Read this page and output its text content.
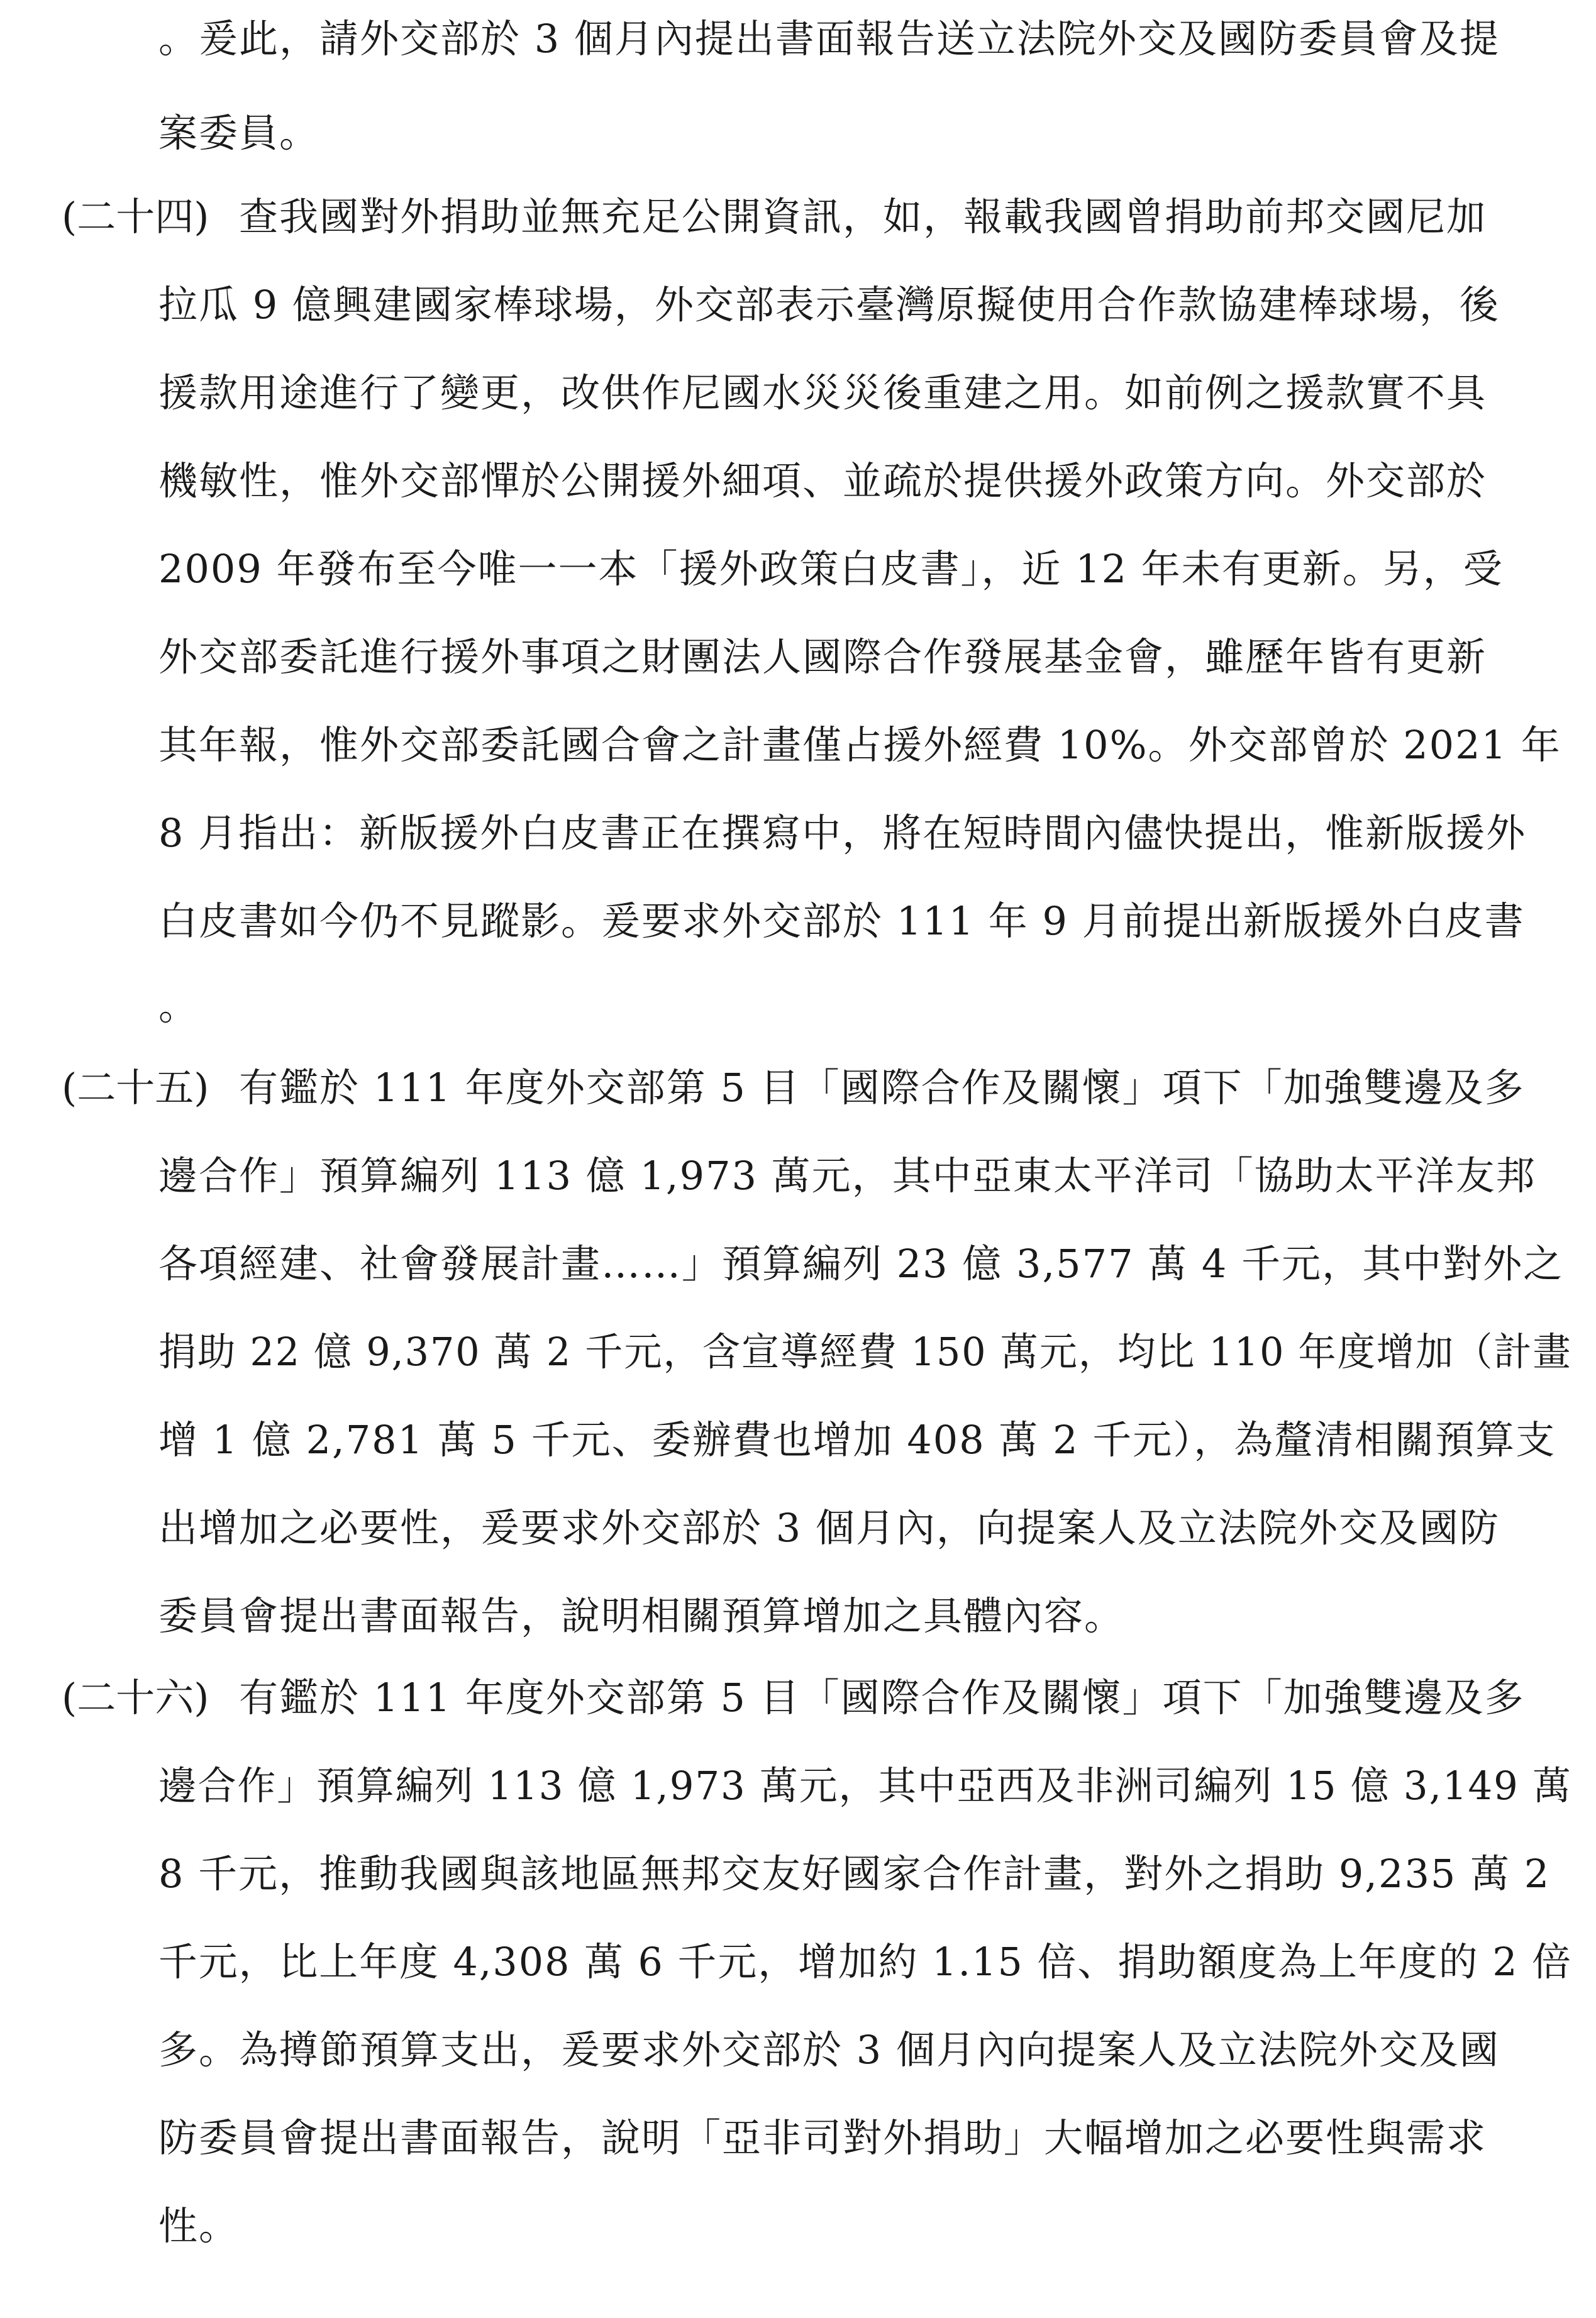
。爰此，請外交部於 3 個月內提出書面報告送立法院外交及國防委員會及提
案委員。
(二十四) 查我國對外捐助並無充足公開資訊，如，報載我國曾捐助前邦交國尼加
拉瓜 9 億興建國家棒球場，外交部表示臺灣原擬使用合作款協建棒球場，後
援款用途進行了變更，改供作尼國水災災後重建之用。如前例之援款實不具
機敏性，惟外交部憚於公開援外細項、並疏於提供援外政策方向。外交部於
2009 年發布至今唯一一本「援外政策白皮書」，近 12 年未有更新。另，受
外交部委託進行援外事項之財團法人國際合作發展基金會，雖歷年皆有更新
其年報，惟外交部委託國合會之計畫僅占援外經費 10%。外交部曾於 2021 年
8 月指出：新版援外白皮書正在撰寫中，將在短時間內儘快提出，惟新版援外
白皮書如今仍不見蹤影。爰要求外交部於 111 年 9 月前提出新版援外白皮書
。
(二十五) 有鑑於 111 年度外交部第 5 目「國際合作及關懷」項下「加強雙邊及多
邊合作」預算編列 113 億 1,973 萬元，其中亞東太平洋司「協助太平洋友邦
各項經建、社會發展計畫……」預算編列 23 億 3,577 萬 4 千元，其中對外之
捐助 22 億 9,370 萬 2 千元，含宣導經費 150 萬元，均比 110 年度增加（計畫
增 1 億 2,781 萬 5 千元、委辦費也增加 408 萬 2 千元），為釐清相關預算支
出增加之必要性，爰要求外交部於 3 個月內，向提案人及立法院外交及國防
委員會提出書面報告，說明相關預算增加之具體內容。
(二十六) 有鑑於 111 年度外交部第 5 目「國際合作及關懷」項下「加強雙邊及多
邊合作」預算編列 113 億 1,973 萬元，其中亞西及非洲司編列 15 億 3,149 萬
8 千元，推動我國與該地區無邦交友好國家合作計畫，對外之捐助 9,235 萬 2
千元，比上年度 4,308 萬 6 千元，增加約 1.15 倍、捐助額度為上年度的 2 倍
多。為撙節預算支出，爰要求外交部於 3 個月內向提案人及立法院外交及國
防委員會提出書面報告，說明「亞非司對外捐助」大幅增加之必要性與需求
性。
